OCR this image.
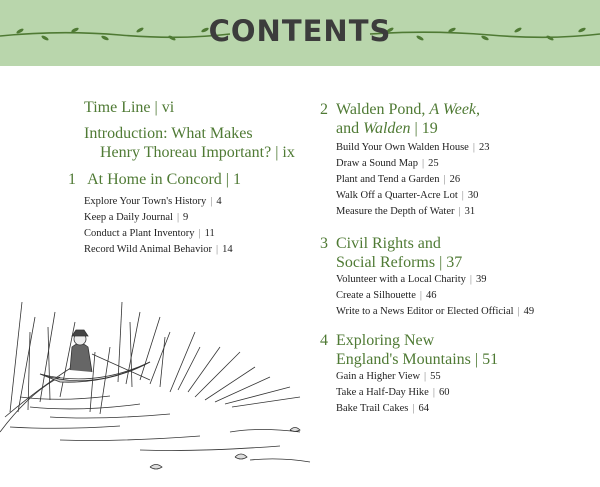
CONTENTS
Time Line | vi
Introduction: What Makes
Henry Thoreau Important? | ix
1 At Home in Concord | 1
Explore Your Town's History | 4
Keep a Daily Journal | 9
Conduct a Plant Inventory | 11
Record Wild Animal Behavior | 14
2 Walden Pond, A Week,
and Walden | 19
Build Your Own Walden House | 23
Draw a Sound Map | 25
Plant and Tend a Garden | 26
Walk Off a Quarter-Acre Lot | 30
Measure the Depth of Water | 31
3 Civil Rights and
Social Reforms | 37
Volunteer with a Local Charity | 39
Create a Silhouette | 46
Write to a News Editor or Elected Official | 49
4 Exploring New
England's Mountains | 51
Gain a Higher View | 55
Take a Half-Day Hike | 60
Bake Trail Cakes | 64
